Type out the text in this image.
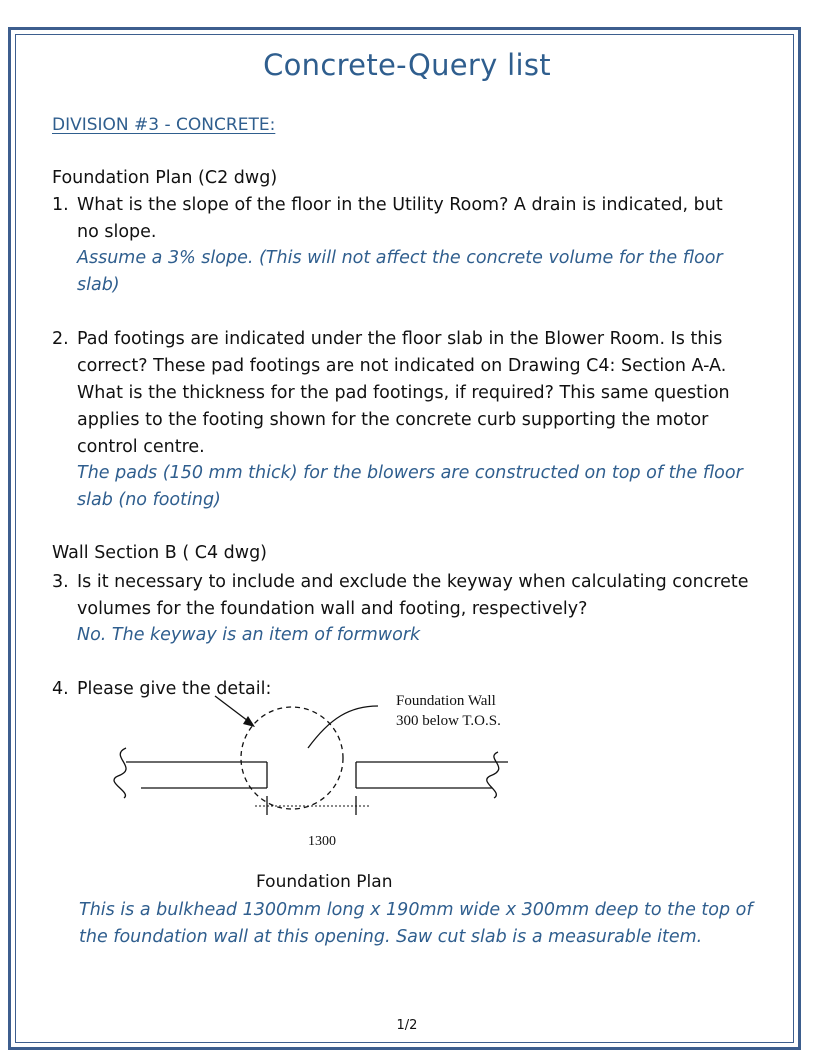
Concrete-Query list
DIVISION #3 - CONCRETE:
Foundation Plan (C2 dwg)
1. What is the slope of the floor in the Utility Room? A drain is indicated, but
no slope.
Assume a 3% slope. (This will not affect the concrete volume for the floor
slab)
2. Pad footings are indicated under the floor slab in the Blower Room. Is this
correct? These pad footings are not indicated on Drawing C4: Section A-A.
What is the thickness for the pad footings, if required? This same question
applies to the footing shown for the concrete curb supporting the motor
control centre.
The pads (150 mm thick) for the blowers are constructed on top of the floor
slab (no footing)
Wall Section B ( C4 dwg)
3. Is it necessary to include and exclude the keyway when calculating concrete
volumes for the foundation wall and footing, respectively?
No. The keyway is an item of formwork
4. Please give the detail:
Foundation Wall
300 below T.O.S.
1300
Foundation Plan
This is a bulkhead 1300mm long x 190mm wide x 300mm deep to the top of
the foundation wall at this opening. Saw cut slab is a measurable item.
1/2
